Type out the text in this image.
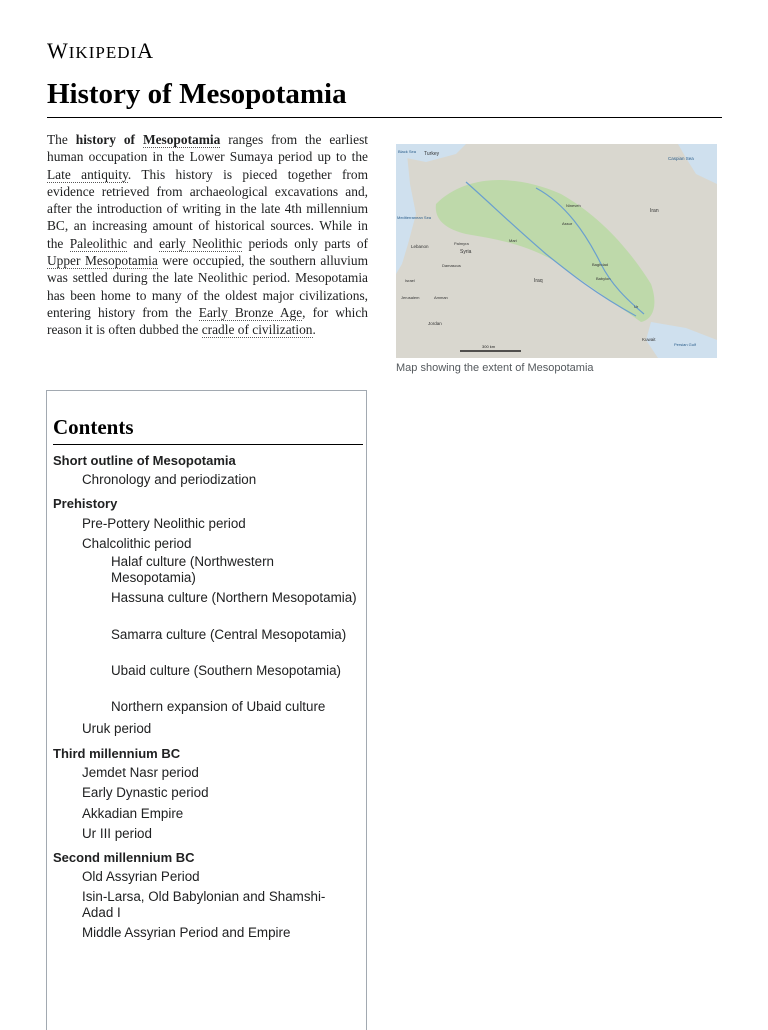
WIKIPEDIA
History of Mesopotamia

The history of Mesopotamia ranges from the earliest human occupation in the Lower Sumaya period up to the Late antiquity. This history is pieced together from evidence retrieved from archaeological excavations and, after the introduction of writing in the late 4th millennium BC, an increasing amount of historical sources. While in the Paleolithic and early Neolithic periods only parts of Upper Mesopotamia were occupied, the southern alluvium was settled during the late Neolithic period. Mesopotamia has been home to many of the oldest major civilizations, entering history from the Early Bronze Age, for which reason it is often dubbed the cradle of civilization.

Turkey
Caspian Sea
Black Sea
Mediterranean Sea
Lebanon
Syria
Palmyra
Damascus
Israel
Jerusalem	Amman
Jordan
Iraq
Iran
Baghdad
Kuwait
Persian Gulf
Mari
Nineveh
Assur
Ur
Babylon
300 km
Map showing the extent of Mesopotamia
Contents
Short outline of Mesopotamia
Chronology and periodization
Prehistory
Pre-Pottery Neolithic period
Chalcolithic period
Halaf culture (Northwestern Mesopotamia)
Hassuna culture (Northern Mesopotamia)
Samarra culture (Central Mesopotamia)
Ubaid culture (Southern Mesopotamia)
Northern expansion of Ubaid culture
Uruk period
Third millennium BC
Jemdet Nasr period
Early Dynastic period
Akkadian Empire
Ur III period
Second millennium BC
Old Assyrian Period
Isin-Larsa, Old Babylonian and Shamshi-Adad I
Middle Assyrian Period and Empire
